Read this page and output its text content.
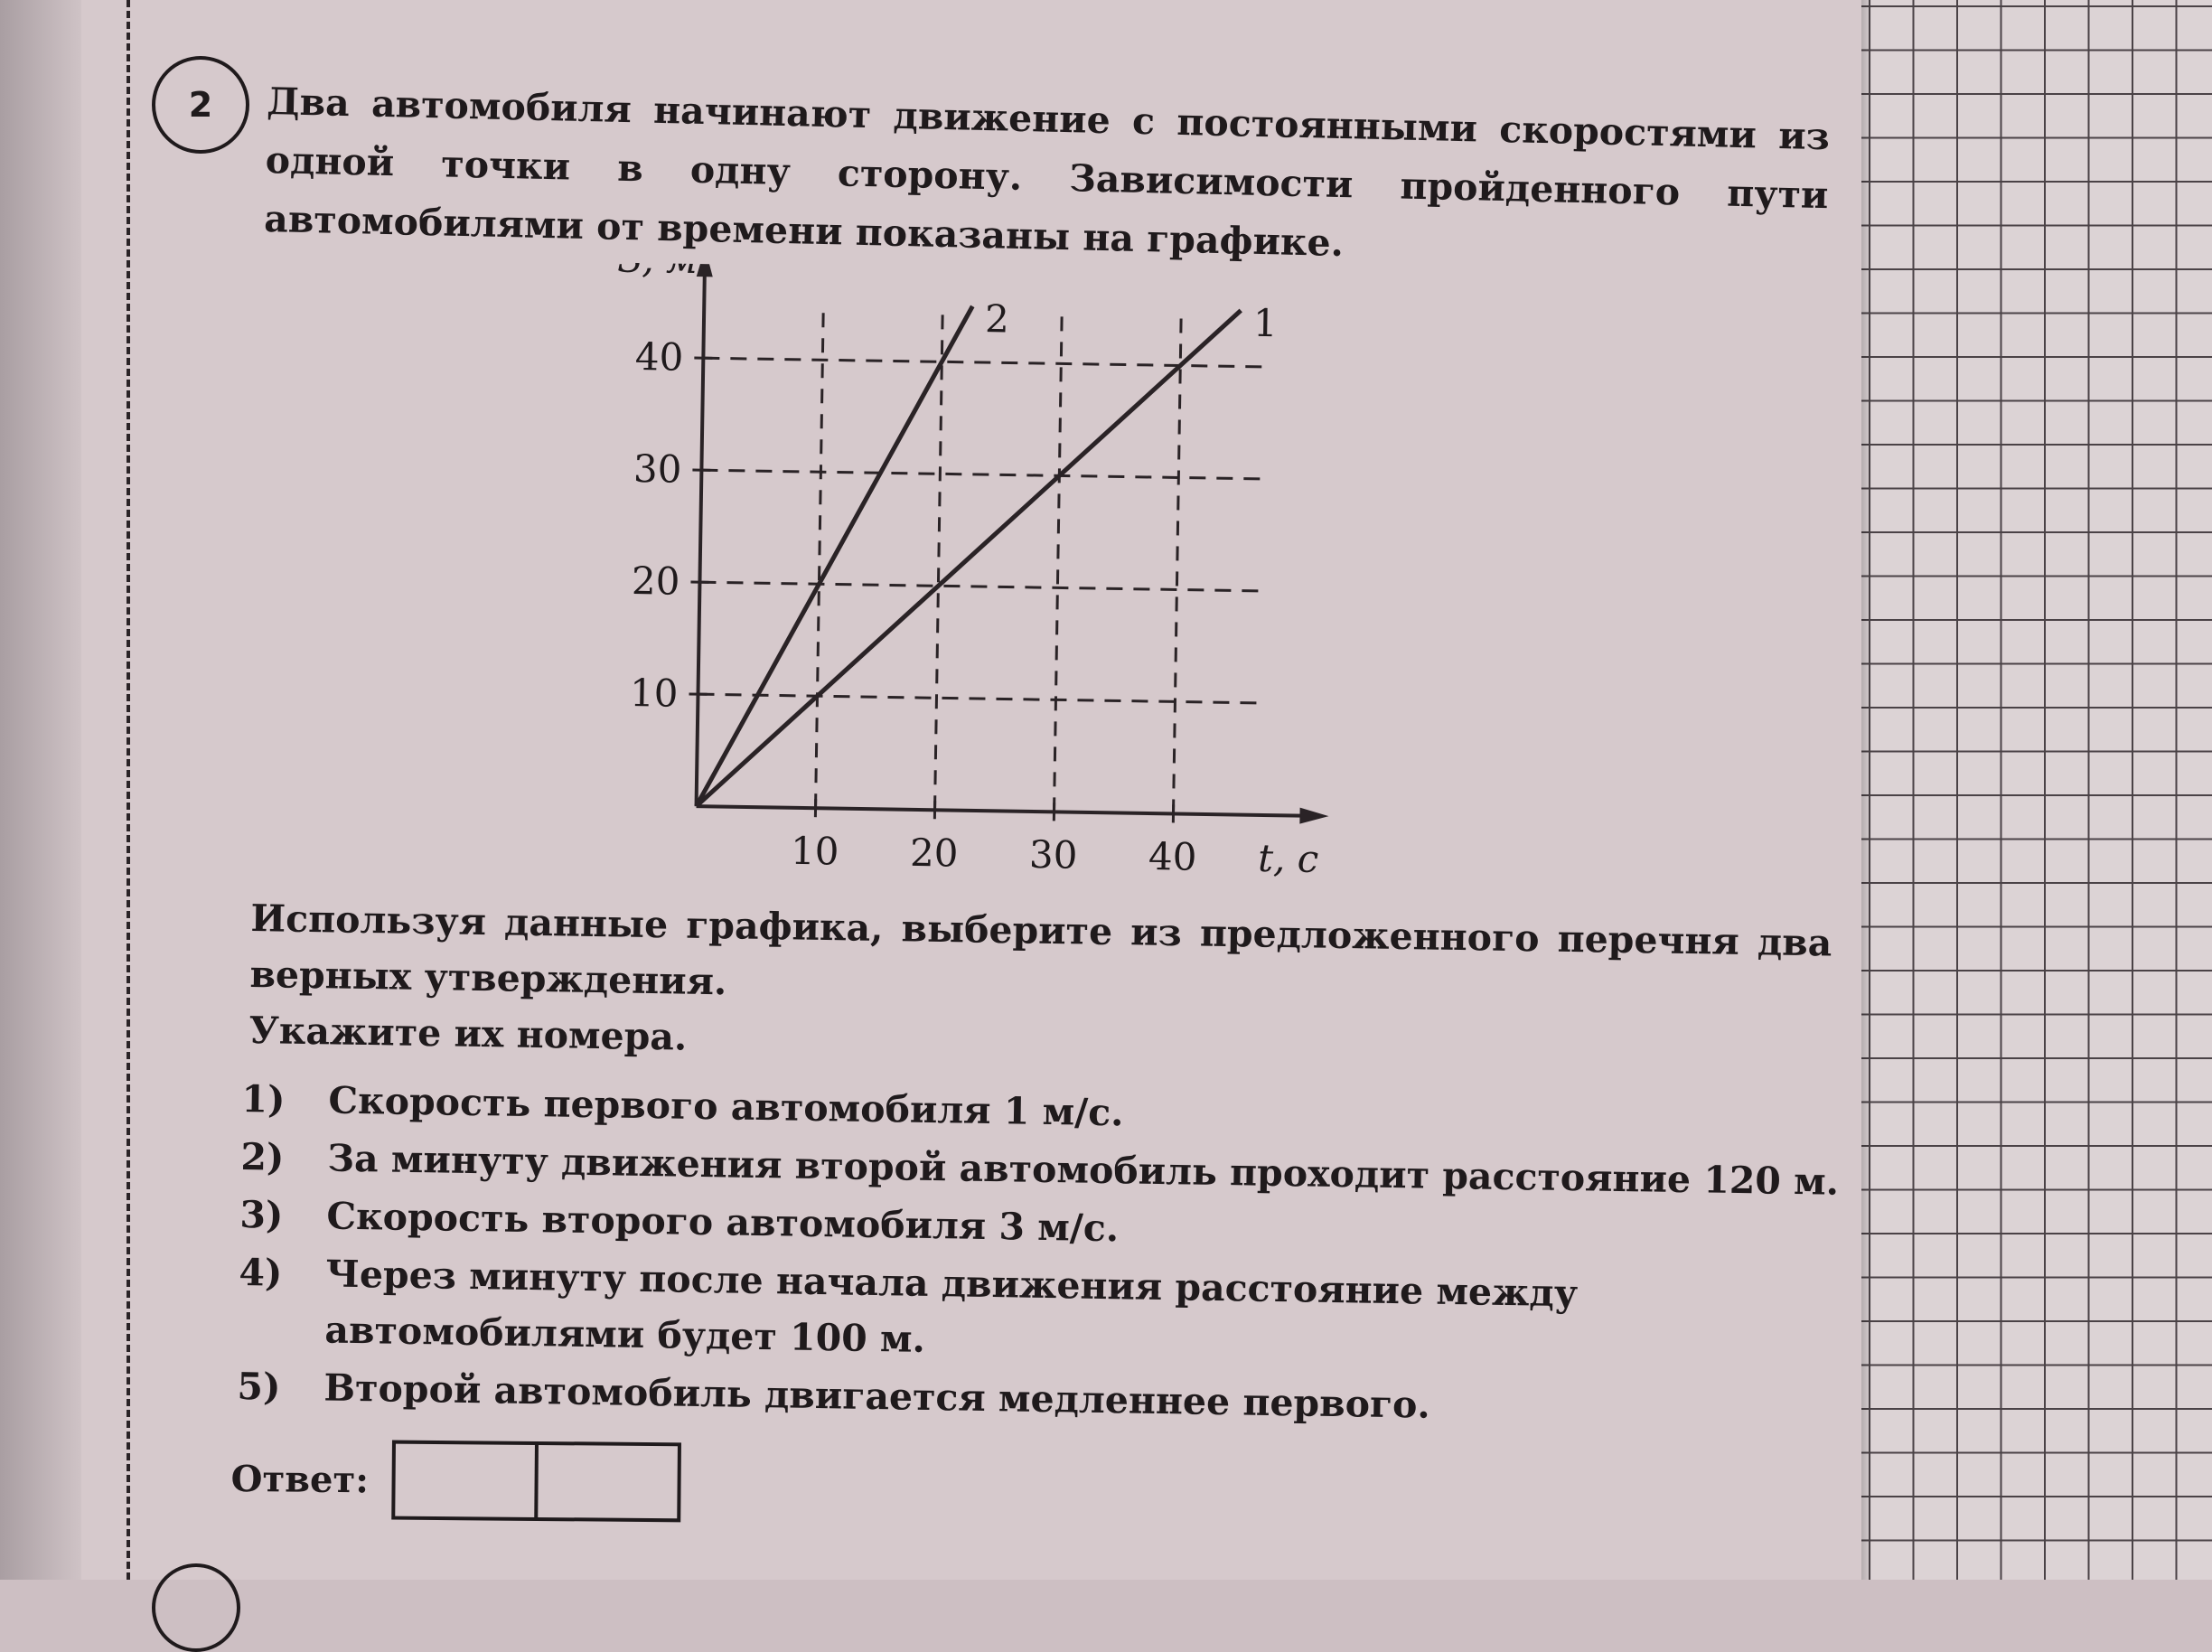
2	Два автомобиля начинают движение с постоянными скоростями из одной точки в одну сторону. Зависимости пройденного пути автомобилями от времени показаны на графике.
10 20 30 40
10
20
30
40
t, с
1
2

Используя данные графика, выберите из предложенного перечня два верных утверждения.

Укажите их номера.

1)	Скорость первого автомобиля 1 м/с.
2)	За минуту движения второй автомобиль проходит расстояние 120 м.
3)	Скорость второго автомобиля 3 м/с.
4)	Через минуту после начала движения расстояние между автомобилями будет 100 м.
5)	Второй автомобиль двигается медленнее первого.
Ответ:
